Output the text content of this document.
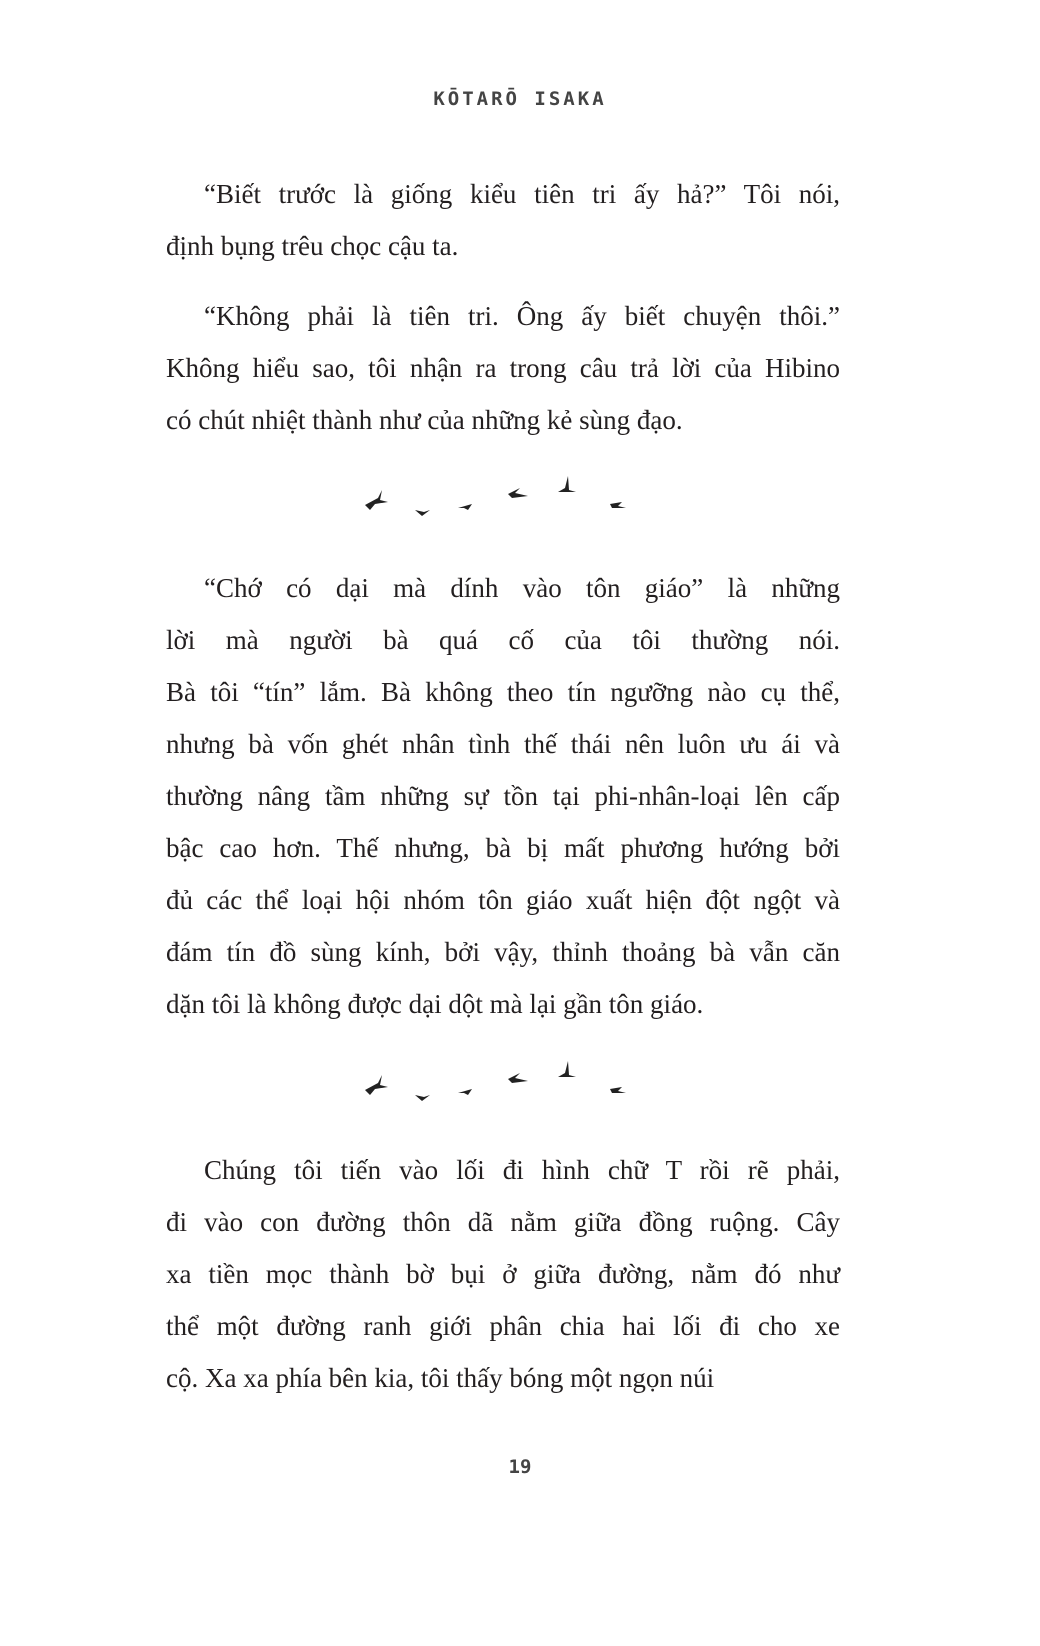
KŌTARŌ ISAKA
“Biết trước là giống kiểu tiên tri ấy hả?” Tôi nói,
định bụng trêu chọc cậu ta.
“Không phải là tiên tri. Ông ấy biết chuyện thôi.”
Không hiểu sao, tôi nhận ra trong câu trả lời của Hibino
có chút nhiệt thành như của những kẻ sùng đạo.
“Chớ có dại mà dính vào tôn giáo” là những
lời mà người bà quá cố của tôi thường nói.
Bà tôi “tín” lắm. Bà không theo tín ngưỡng nào cụ thể,
nhưng bà vốn ghét nhân tình thế thái nên luôn ưu ái và
thường nâng tầm những sự tồn tại phi-nhân-loại lên cấp
bậc cao hơn. Thế nhưng, bà bị mất phương hướng bởi
đủ các thể loại hội nhóm tôn giáo xuất hiện đột ngột và
đám tín đồ sùng kính, bởi vậy, thỉnh thoảng bà vẫn căn
dặn tôi là không được dại dột mà lại gần tôn giáo.
Chúng tôi tiến vào lối đi hình chữ T rồi rẽ phải,
đi vào con đường thôn dã nằm giữa đồng ruộng. Cây
xa tiền mọc thành bờ bụi ở giữa đường, nằm đó như
thể một đường ranh giới phân chia hai lối đi cho xe
cộ. Xa xa phía bên kia, tôi thấy bóng một ngọn núi
19
